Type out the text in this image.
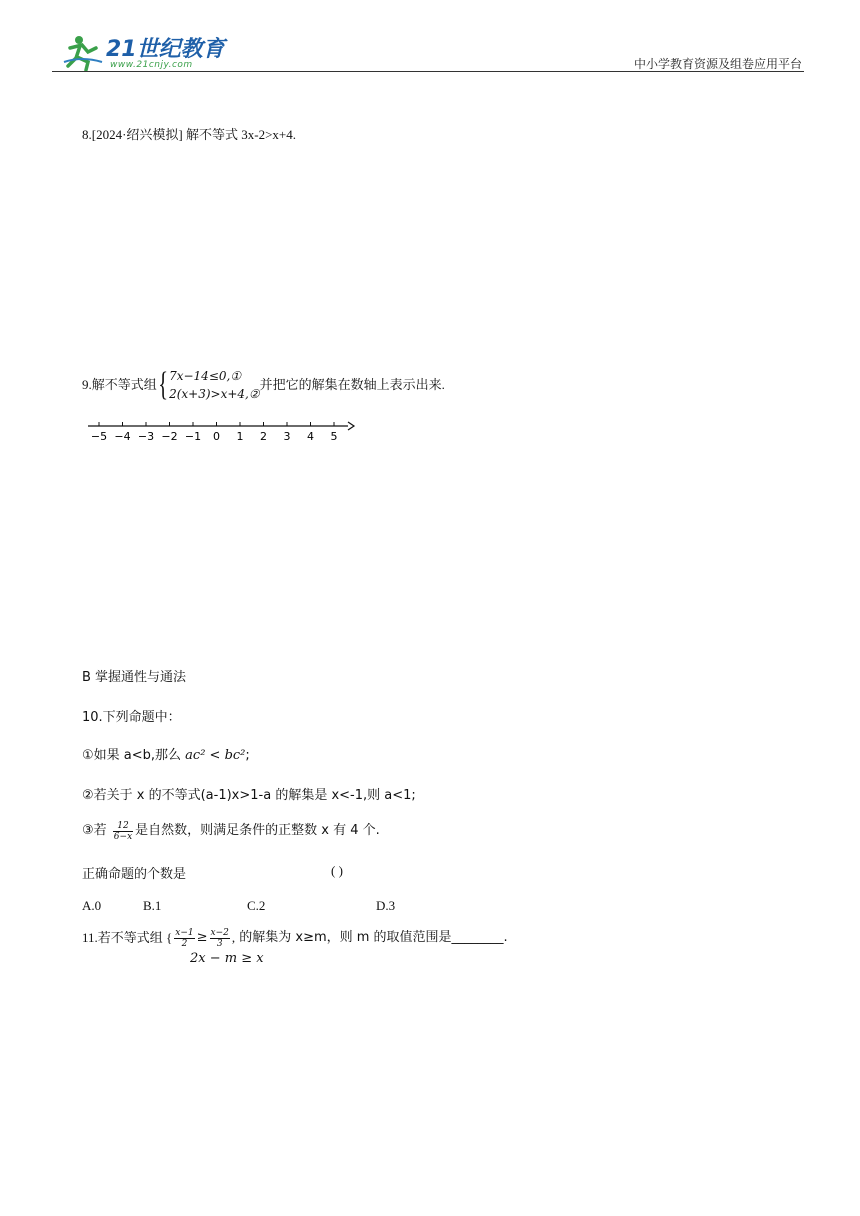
21世纪教育
www.21cnjy.com	中小学教育资源及组卷应用平台
8.[2024·绍兴模拟] 解不等式 3x-2>x+4.
9.解不等式组{ 7x−14≤0,①
2(x+3)>x+4,②
并把它的解集在数轴上表示出来.
−5 −4 −3 −2 −1 0 1 2 3 4 5
B 掌握通性与通法
10.下列命题中：
①如果 a<b,那么 ac² < bc²;
②若关于 x 的不等式(a-1)x>1-a 的解集是 x<-1,则 a<1;
③若 $\frac{12}{6-x}$ 是自然数，则满足条件的正整数 x 有 4 个.
正确命题的个数是	( )
A.0	B.1	C.2	D.3
11.若不等式组 { $\frac{x-1}{2} \ge \frac{x-2}{3}$ , 的解集为 x≥m，则 m 的取值范围是________.
2x − m ≥ x
